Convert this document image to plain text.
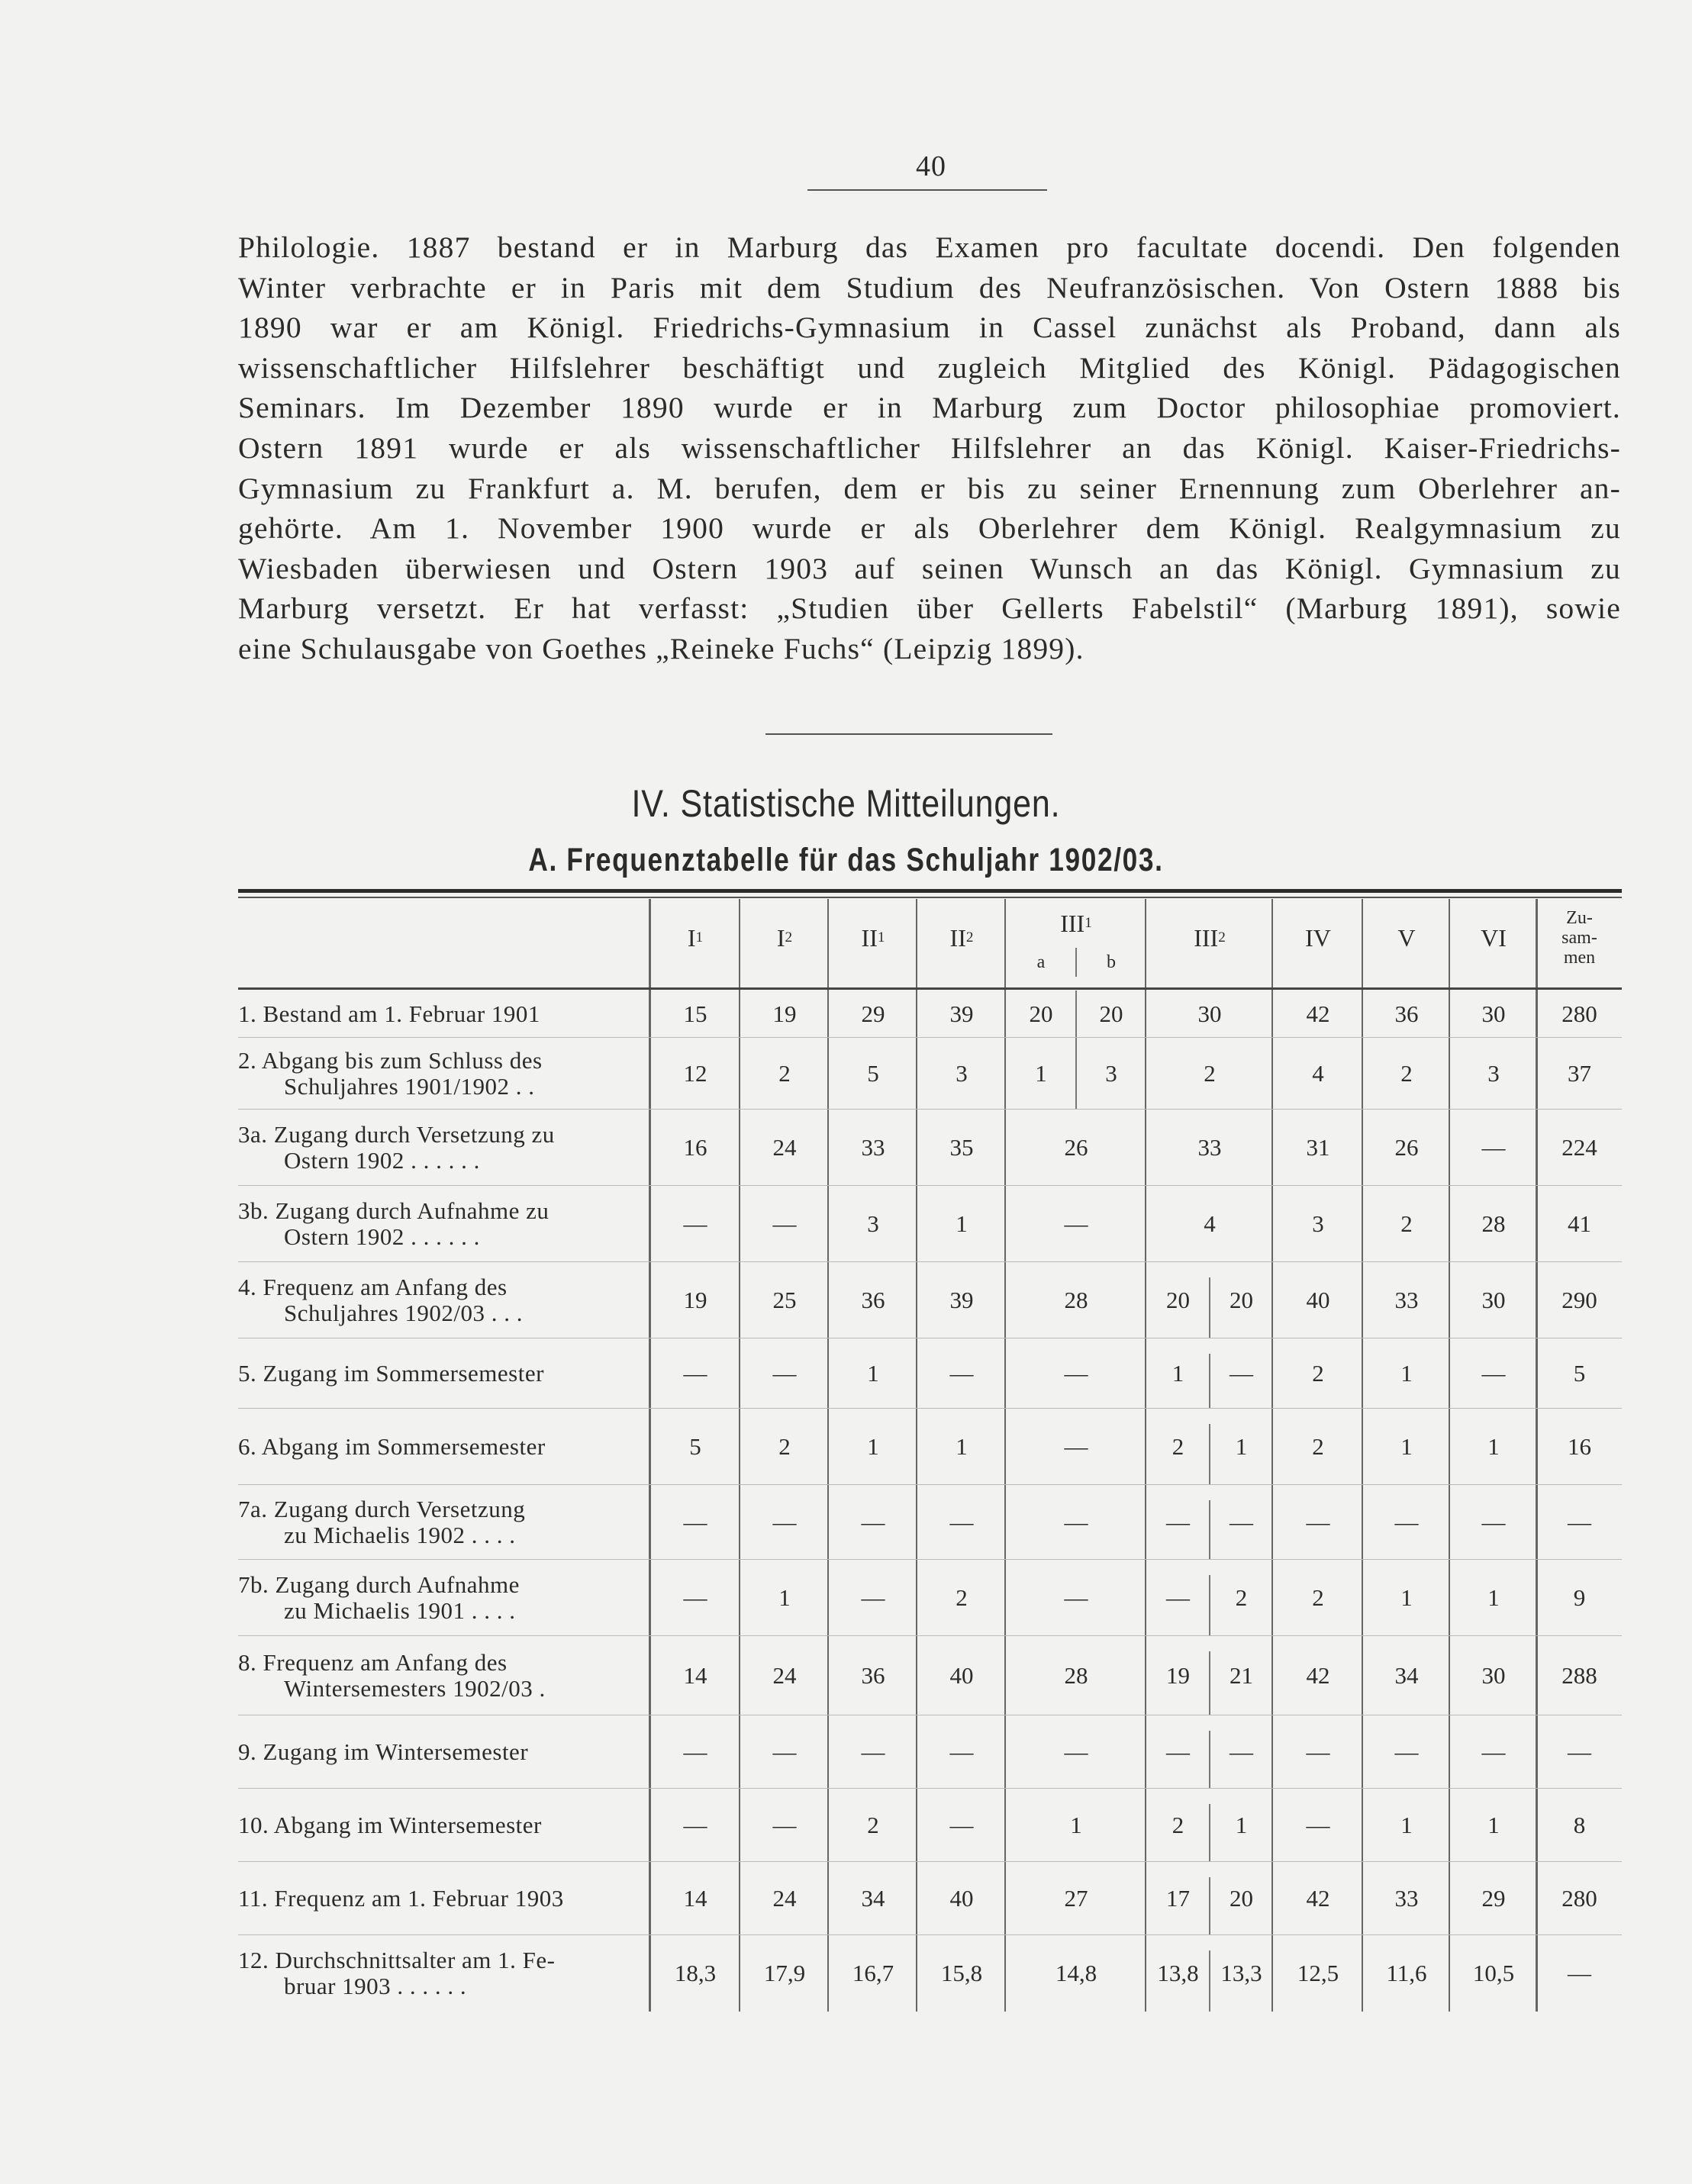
40
Philologie. 1887 bestand er in Marburg das Examen pro facultate docendi. Den folgenden
Winter verbrachte er in Paris mit dem Studium des Neufranzösischen. Von Ostern 1888 bis
1890 war er am Königl. Friedrichs-Gymnasium in Cassel zunächst als Proband, dann als
wissenschaftlicher Hilfslehrer beschäftigt und zugleich Mitglied des Königl. Pädagogischen
Seminars. Im Dezember 1890 wurde er in Marburg zum Doctor philosophiae promoviert.
Ostern 1891 wurde er als wissenschaftlicher Hilfslehrer an das Königl. Kaiser-Friedrichs-
Gymnasium zu Frankfurt a. M. berufen, dem er bis zu seiner Ernennung zum Oberlehrer an-
gehörte. Am 1. November 1900 wurde er als Oberlehrer dem Königl. Realgymnasium zu
Wiesbaden überwiesen und Ostern 1903 auf seinen Wunsch an das Königl. Gymnasium zu
Marburg versetzt. Er hat verfasst: „Studien über Gellerts Fabelstil“ (Marburg 1891), sowie
eine Schulausgabe von Goethes „Reineke Fuchs“ (Leipzig 1899).
IV. Statistische Mitteilungen.
A. Frequenztabelle für das Schuljahr 1902/03.
I 1	I 2	II 1	II 2
III 1
a	b
III 2	IV	V	VI
Zu-
sam-
men
1. Bestand am 1. Februar 1901	15	19	29	39	20	20	30	42	36	30	280
2. Abgang bis zum Schluss des
Schuljahres 1901/1902 . .	12	2	5	3	1	3	2	4	2	3	37
3a. Zugang durch Versetzung zu
Ostern 1902 . . . . . .	16	24	33	35	26	33	31	26	—	224
3b. Zugang durch Aufnahme zu
Ostern 1902 . . . . . .	—	—	3	1	—	4	3	2	28	41
4. Frequenz am Anfang des
Schuljahres 1902/03 . . .	19	25	36	39	28	20	20	40	33	30	290
5. Zugang im Sommersemester	—	—	1	—	—	1	—	2	1	—	5
6. Abgang im Sommersemester	5	2	1	1	—	2	1	2	1	1	16
7a. Zugang durch Versetzung
zu Michaelis 1902 . . . .	—	—	—	—	—	—	—	—	—	—	—
7b. Zugang durch Aufnahme
zu Michaelis 1901 . . . .	—	1	—	2	—	—	2	2	1	1	9
8. Frequenz am Anfang des
Wintersemesters 1902/03 .	14	24	36	40	28	19	21	42	34	30	288
9. Zugang im Wintersemester	—	—	—	—	—	—	—	—	—	—	—
10. Abgang im Wintersemester	—	—	2	—	1	2	1	—	1	1	8
11. Frequenz am 1. Februar 1903	14	24	34	40	27	17	20	42	33	29	280
12. Durchschnittsalter am 1. Fe-
bruar 1903 . . . . . .	18,3	17,9	16,7	15,8	14,8	13,8 13,3	12,5	11,6	10,5	—
